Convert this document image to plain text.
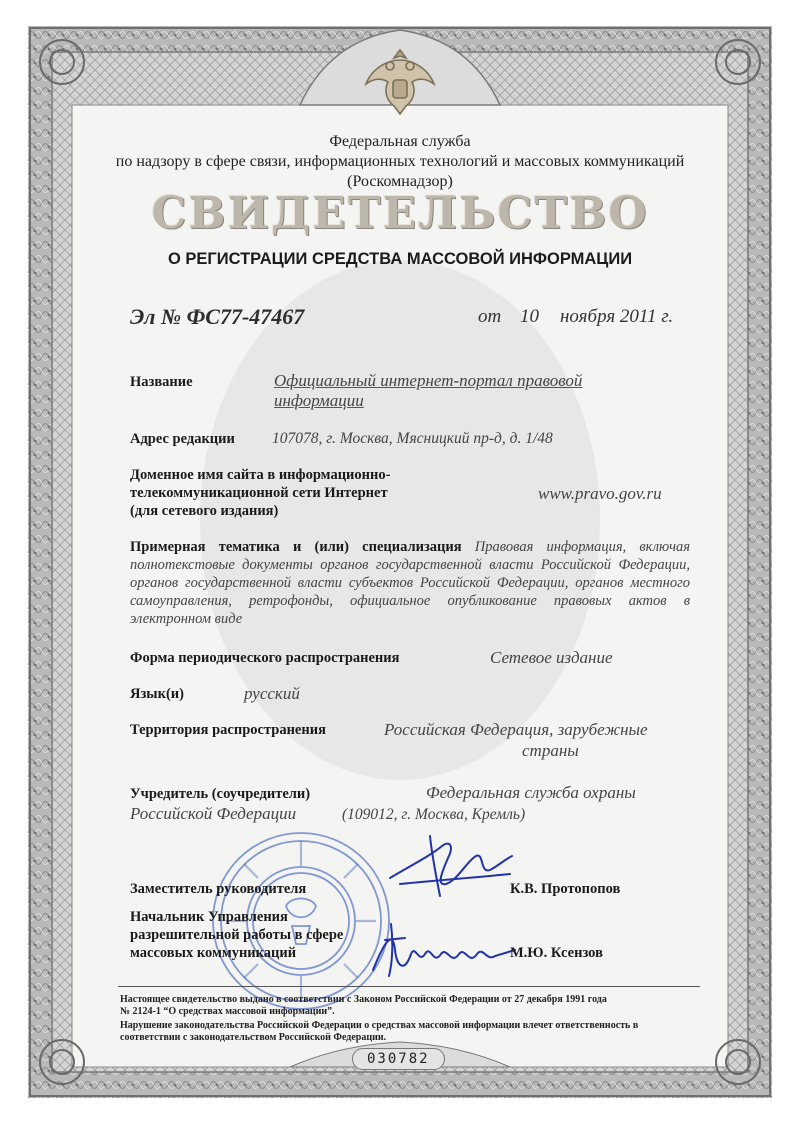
Федеральная служба
по надзору в сфере связи, информационных технологий и массовых коммуникаций
(Роскомнадзор)
СВИДЕТЕЛЬСТВО
О РЕГИСТРАЦИИ СРЕДСТВА МАССОВОЙ ИНФОРМАЦИИ
Эл № ФС77-47467	от 10 ноября 2011 г.
Название	Официальный интернет-портал правовой
информации
Адрес редакции 107078, г. Москва, Мясницкий пр-д, д. 1/48
Доменное имя сайта в информационно-
телекоммуникационной сети Интернет
(для сетевого издания)
www.pravo.gov.ru
Примерная тематика и (или) специализация Правовая информация, включая полнотекстовые документы органов государственной власти Российской Федерации, органов государственной власти субъектов Российской Федерации, органов местного самоуправления, ретрофонды, официальное опубликование правовых актов в электронном виде
Форма периодического распространения	Сетевое издание
Язык(и)	русский
Территория распространения	Российская Федерация, зарубежные
страны
Учредитель (соучредители)	Федеральная служба охраны
Российской Федерации	(109012, г. Москва, Кремль)
Заместитель руководителя	К.В. Протопопов
Начальник Управления
разрешительной работы в сфере
массовых коммуникаций	М.Ю. Ксензов
Настоящее свидетельство выдано в соответствии с Законом Российской Федерации от 27 декабря 1991 года
№ 2124-1 “О средствах массовой информации”.
Нарушение законодательства Российской Федерации о средствах массовой информации влечет ответственность в
соответствии с законодательством Российской Федерации.
030782
